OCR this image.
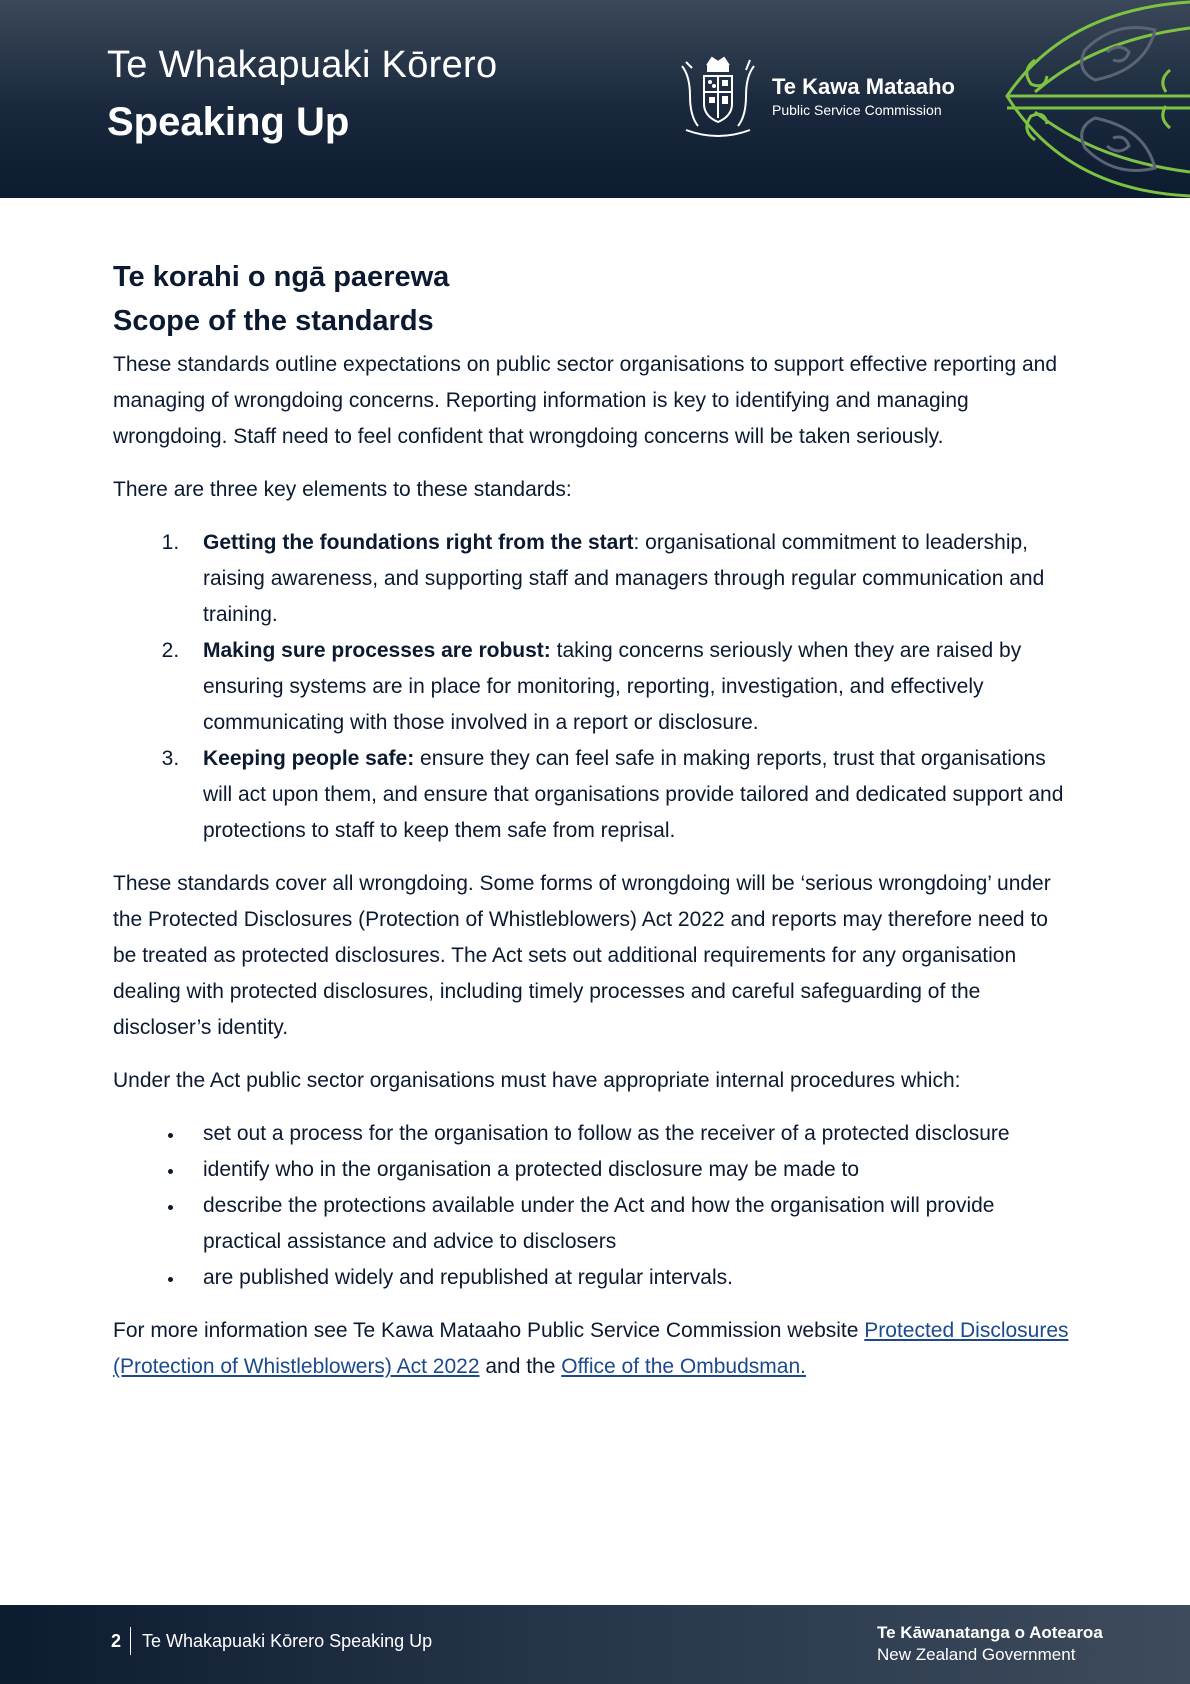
Te Whakapuaki Kōrero
Speaking Up
Te Kawa Mataaho
Public Service Commission
Te korahi o ngā paerewa
Scope of the standards

These standards outline expectations on public sector organisations to support effective reporting and managing of wrongdoing concerns. Reporting information is key to identifying and managing wrongdoing. Staff need to feel confident that wrongdoing concerns will be taken seriously.

There are three key elements to these standards:

1. Getting the foundations right from the start: organisational commitment to leadership, raising awareness, and supporting staff and managers through regular communication and training.
2. Making sure processes are robust: taking concerns seriously when they are raised by ensuring systems are in place for monitoring, reporting, investigation, and effectively communicating with those involved in a report or disclosure.
3. Keeping people safe: ensure they can feel safe in making reports, trust that organisations will act upon them, and ensure that organisations provide tailored and dedicated support and protections to staff to keep them safe from reprisal.

These standards cover all wrongdoing. Some forms of wrongdoing will be ‘serious wrongdoing’ under the Protected Disclosures (Protection of Whistleblowers) Act 2022 and reports may therefore need to be treated as protected disclosures. The Act sets out additional requirements for any organisation dealing with protected disclosures, including timely processes and careful safeguarding of the discloser’s identity.

Under the Act public sector organisations must have appropriate internal procedures which:

• set out a process for the organisation to follow as the receiver of a protected disclosure
• identify who in the organisation a protected disclosure may be made to
• describe the protections available under the Act and how the organisation will provide practical assistance and advice to disclosers
• are published widely and republished at regular intervals.

For more information see Te Kawa Mataaho Public Service Commission website Protected Disclosures (Protection of Whistleblowers) Act 2022 and the Office of the Ombudsman.

2 Te Whakapuaki Kōrero Speaking Up	Te Kāwanatanga o Aotearoa
New Zealand Government
